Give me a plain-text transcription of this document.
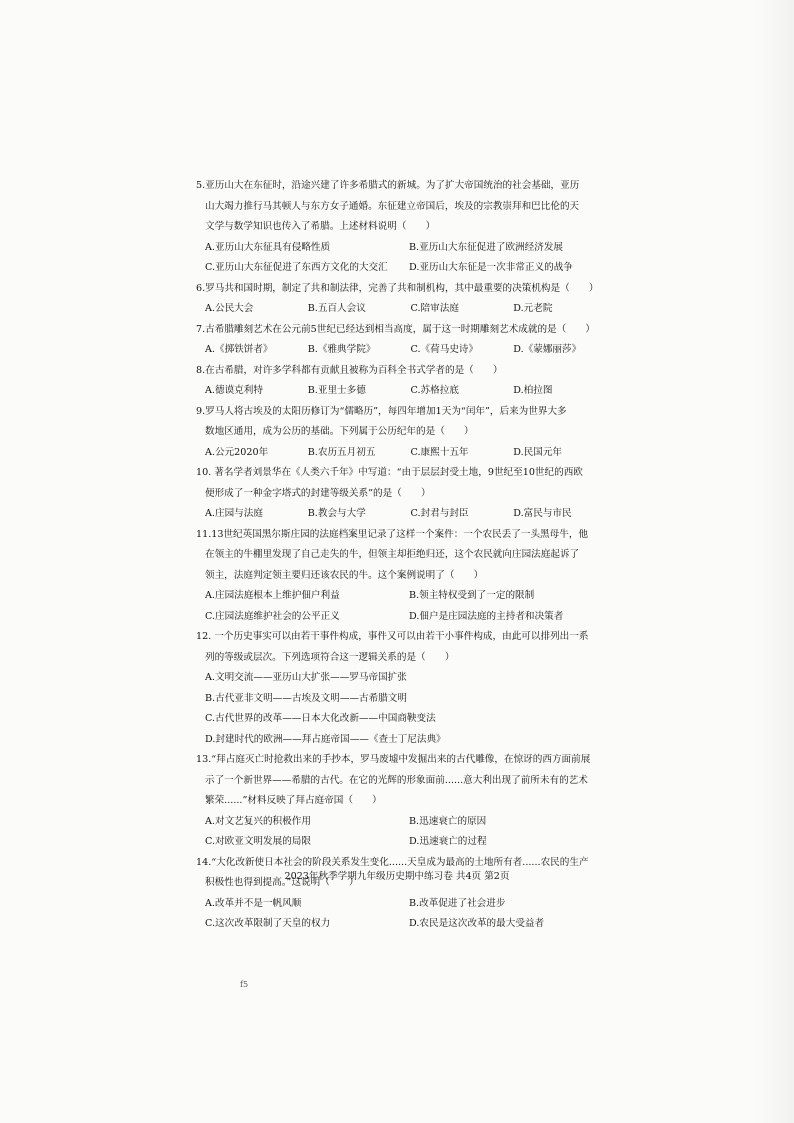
5.亚历山大在东征时，沿途兴建了许多希腊式的新城。为了扩大帝国统治的社会基础，亚历
山大竭力推行马其顿人与东方女子通婚。东征建立帝国后，埃及的宗教崇拜和巴比伦的天
文学与数学知识也传入了希腊。上述材料说明（　　）
A.亚历山大东征具有侵略性质	B.亚历山大东征促进了欧洲经济发展
C.亚历山大东征促进了东西方文化的大交汇	D.亚历山大东征是一次非常正义的战争
6.罗马共和国时期，制定了共和制法律，完善了共和制机构，其中最重要的决策机构是（　　）
A.公民大会	B.五百人会议	C.陪审法庭	D.元老院
7.古希腊雕刻艺术在公元前5世纪已经达到相当高度，属于这一时期雕刻艺术成就的是（　　）
A.《掷铁饼者》	B.《雅典学院》	C.《荷马史诗》	D.《蒙娜丽莎》
8.在古希腊，对许多学科都有贡献且被称为百科全书式学者的是（　　）
A.德谟克利特	B.亚里士多德	C.苏格拉底	D.柏拉图
9.罗马人将古埃及的太阳历修订为“儒略历”，每四年增加1天为“闰年”，后来为世界大多
数地区通用，成为公历的基础。下列属于公历纪年的是（　　）
A.公元2020年	B.农历五月初五	C.康熙十五年	D.民国元年
10. 著名学者刘景华在《人类六千年》中写道：“由于层层封受土地，9世纪至10世纪的西欧
便形成了一种金字塔式的封建等级关系”的是（　　）
A.庄园与法庭	B.教会与大学	C.封君与封臣	D.富民与市民
11.13世纪英国黑尔斯庄园的法庭档案里记录了这样一个案件：一个农民丢了一头黑母牛，他
在领主的牛棚里发现了自己走失的牛，但领主却拒绝归还，这个农民就向庄园法庭起诉了
领主，法庭判定领主要归还该农民的牛。这个案例说明了（　　）
A.庄园法庭根本上维护佃户利益	B.领主特权受到了一定的限制
C.庄园法庭维护社会的公平正义	D.佃户是庄园法庭的主持者和决策者
12. 一个历史事实可以由若干事件构成，事件又可以由若干小事件构成，由此可以排列出一系
列的等级或层次。下列选项符合这一逻辑关系的是（　　）
A.文明交流——亚历山大扩张——罗马帝国扩张
B.古代亚非文明——古埃及文明——古希腊文明
C.古代世界的改革——日本大化改新——中国商鞅变法
D.封建时代的欧洲——拜占庭帝国——《查士丁尼法典》
13.“拜占庭灭亡时抢救出来的手抄本，罗马废墟中发掘出来的古代雕像，在惊讶的西方面前展
示了一个新世界——希腊的古代。在它的光辉的形象面前......意大利出现了前所未有的艺术
繁荣......”材料反映了拜占庭帝国（　　）
A.对文艺复兴的积极作用	B.迅速衰亡的原因
C.对欧亚文明发展的局限	D.迅速衰亡的过程
14.“大化改新使日本社会的阶段关系发生变化......天皇成为最高的土地所有者......农民的生产
积极性也得到提高。”这说明（　　）
A.改革并不是一帆风顺	B.改革促进了社会进步
C.这次改革限制了天皇的权力	D.农民是这次改革的最大受益者
2023年秋季学期九年级历史期中练习卷 共4页 第2页
f5
